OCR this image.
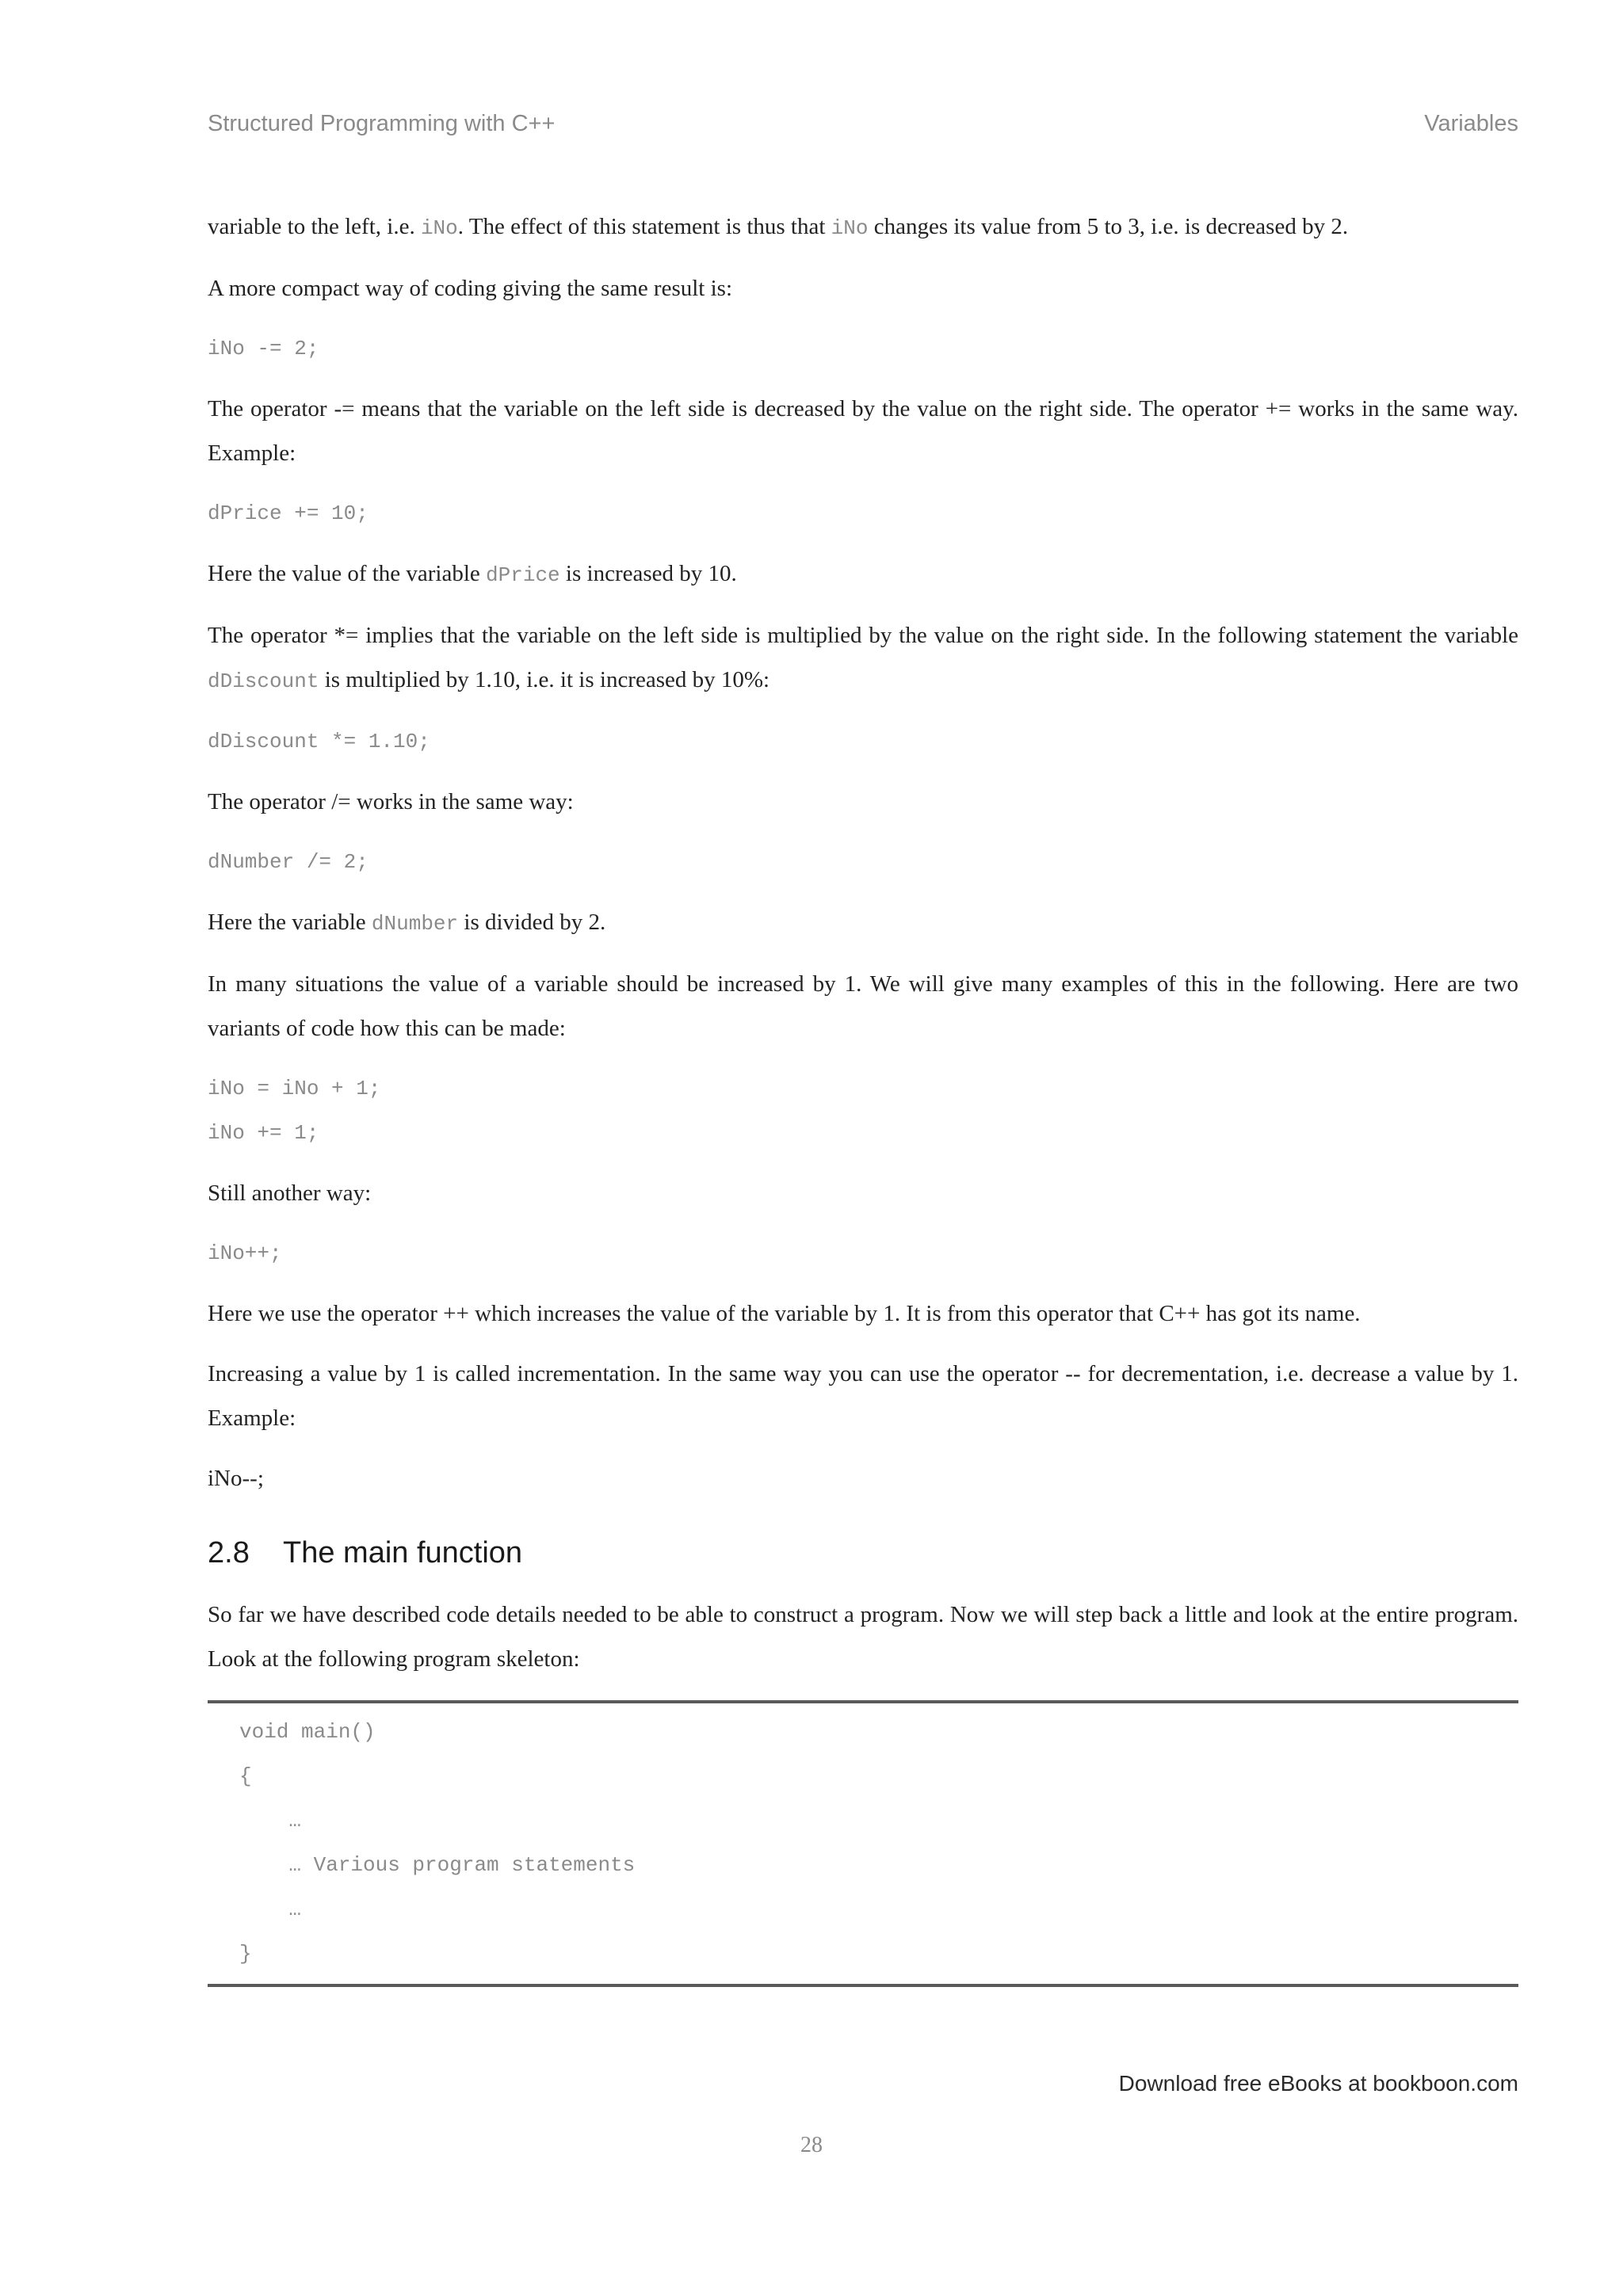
Structured Programming with C++	Variables

variable to the left, i.e. iNo. The effect of this statement is thus that iNo changes its value from 5 to 3, i.e. is decreased by 2.

A more compact way of coding giving the same result is:

iNo -= 2;

The operator -= means that the variable on the left side is decreased by the value on the right side. The operator += works in the same way. Example:

dPrice += 10;

Here the value of the variable dPrice is increased by 10.

The operator *= implies that the variable on the left side is multiplied by the value on the right side. In the following statement the variable dDiscount is multiplied by 1.10, i.e. it is increased by 10%:

dDiscount *= 1.10;

The operator /= works in the same way:

dNumber /= 2;

Here the variable dNumber is divided by 2.

In many situations the value of a variable should be increased by 1. We will give many examples of this in the following. Here are two variants of code how this can be made:

iNo = iNo + 1;
iNo += 1;

Still another way:

iNo++;

Here we use the operator ++ which increases the value of the variable by 1. It is from this operator that C++ has got its name.

Increasing a value by 1 is called incrementation. In the same way you can use the operator -- for decrementation, i.e. decrease a value by 1. Example:

iNo--;

2.8 The main function

So far we have described code details needed to be able to construct a program. Now we will step back a little and look at the entire program. Look at the following program skeleton:

void main()
{
…
… Various program statements
…
}
Download free eBooks at bookboon.com
28
